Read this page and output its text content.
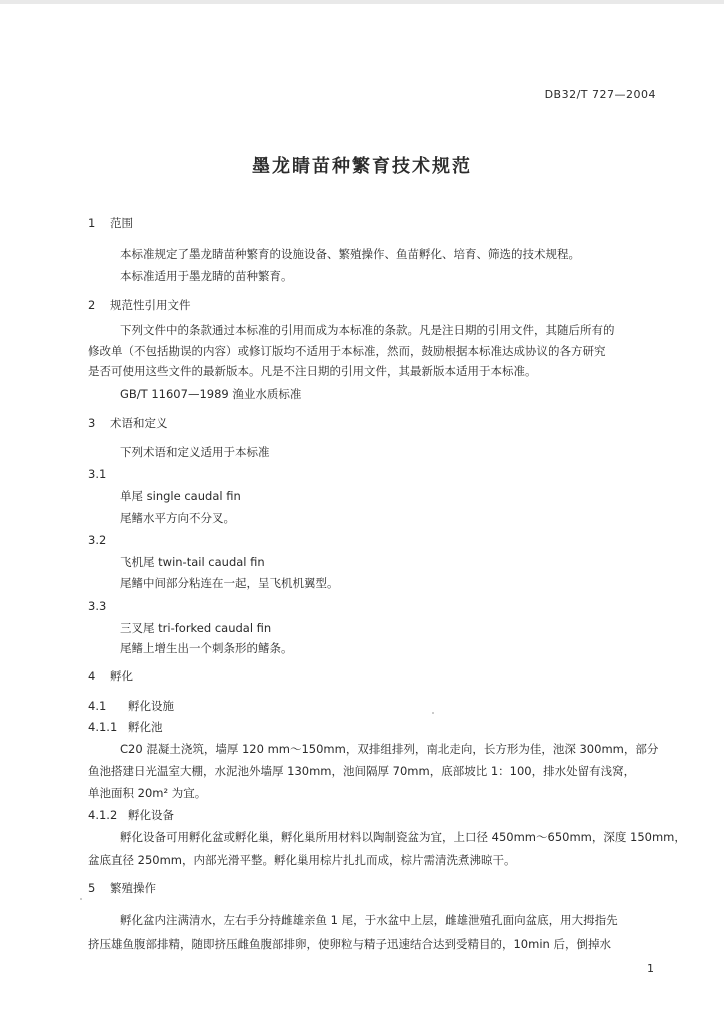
DB32/T 727—2004
墨龙睛苗种繁育技术规范
1 范围
本标准规定了墨龙睛苗种繁育的设施设备、繁殖操作、鱼苗孵化、培育、筛选的技术规程。
本标准适用于墨龙睛的苗种繁育。
2 规范性引用文件
下列文件中的条款通过本标准的引用而成为本标准的条款。凡是注日期的引用文件，其随后所有的
修改单（不包括勘误的内容）或修订版均不适用于本标准，然而，鼓励根据本标准达成协议的各方研究
是否可使用这些文件的最新版本。凡是不注日期的引用文件，其最新版本适用于本标准。
GB/T 11607—1989 渔业水质标准
3 术语和定义
下列术语和定义适用于本标准
3.1
单尾 single caudal fin
尾鳍水平方向不分叉。
3.2
飞机尾 twin-tail caudal fin
尾鳍中间部分粘连在一起，呈飞机机翼型。
3.3
三叉尾 tri-forked caudal fin
尾鳍上增生出一个刺条形的鳍条。
4 孵化
4.1 孵化设施
4.1.1 孵化池
C20 混凝土浇筑，墙厚 120 mm～150mm，双排组排列，南北走向，长方形为佳，池深 300mm，部分
鱼池搭建日光温室大棚，水泥池外墙厚 130mm，池间隔厚 70mm，底部坡比 1：100，排水处留有浅窝，
单池面积 20m² 为宜。
4.1.2 孵化设备
孵化设备可用孵化盆或孵化巢，孵化巢所用材料以陶制瓷盆为宜，上口径 450mm～650mm，深度 150mm，
盆底直径 250mm，内部光滑平整。孵化巢用棕片扎扎而成，棕片需清洗煮沸晾干。
5 繁殖操作
孵化盆内注满清水，左右手分持雌雄亲鱼 1 尾，于水盆中上层，雌雄泄殖孔面向盆底，用大拇指先
挤压雄鱼腹部排精，随即挤压雌鱼腹部排卵，使卵粒与精子迅速结合达到受精目的，10min 后，倒掉水
1
